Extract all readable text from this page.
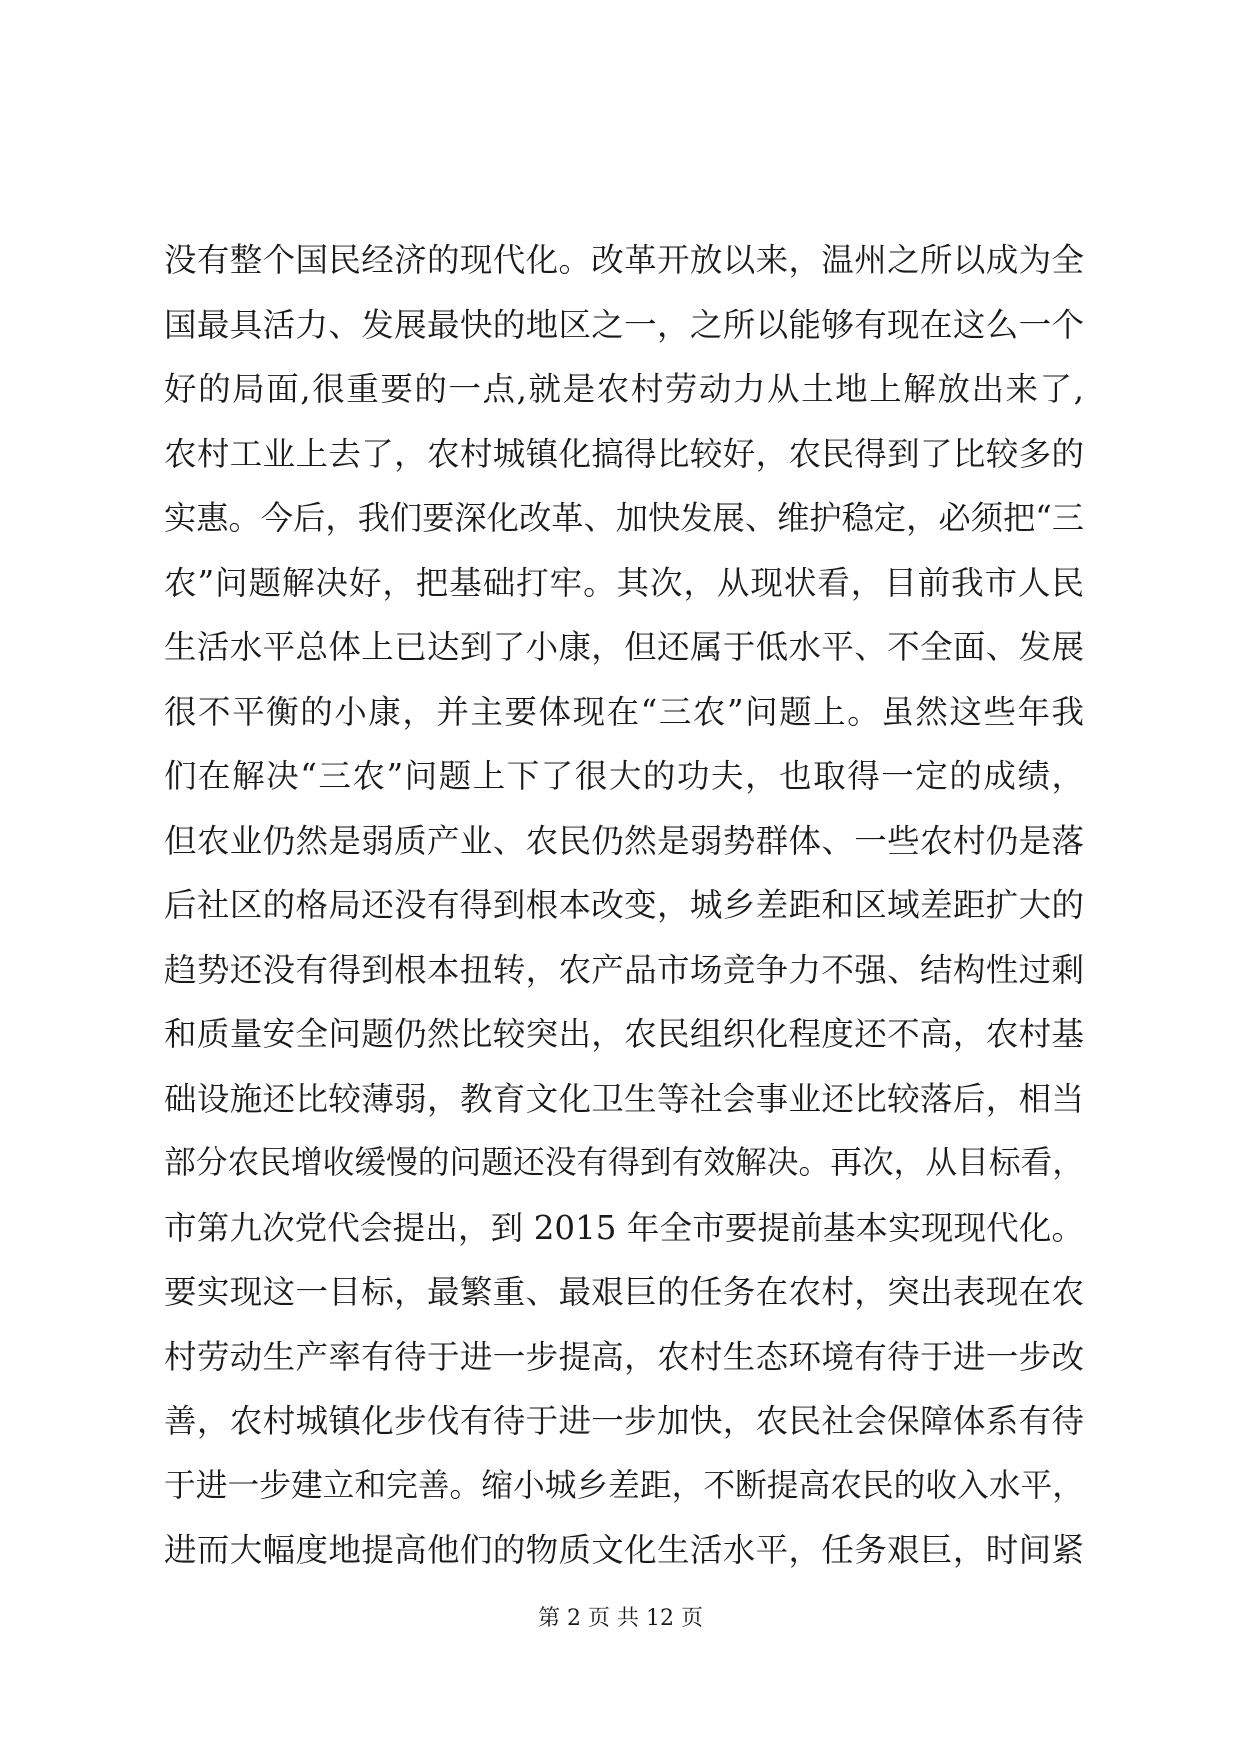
没有整个国民经济的现代化。改革开放以来，温州之所以成为全
国最具活力、发展最快的地区之一，之所以能够有现在这么一个
好的局面,很重要的一点,就是农村劳动力从土地上解放出来了,
农村工业上去了，农村城镇化搞得比较好，农民得到了比较多的
实惠。今后，我们要深化改革、加快发展、维护稳定，必须把“三
农”问题解决好，把基础打牢。其次，从现状看，目前我市人民
生活水平总体上已达到了小康，但还属于低水平、不全面、发展
很不平衡的小康，并主要体现在“三农”问题上。虽然这些年我
们在解决“三农”问题上下了很大的功夫，也取得一定的成绩，
但农业仍然是弱质产业、农民仍然是弱势群体、一些农村仍是落
后社区的格局还没有得到根本改变，城乡差距和区域差距扩大的
趋势还没有得到根本扭转，农产品市场竞争力不强、结构性过剩
和质量安全问题仍然比较突出，农民组织化程度还不高，农村基
础设施还比较薄弱，教育文化卫生等社会事业还比较落后，相当
部分农民增收缓慢的问题还没有得到有效解决。再次，从目标看，
市第九次党代会提出，到 2015 年全市要提前基本实现现代化。
要实现这一目标，最繁重、最艰巨的任务在农村，突出表现在农
村劳动生产率有待于进一步提高，农村生态环境有待于进一步改
善，农村城镇化步伐有待于进一步加快，农民社会保障体系有待
于进一步建立和完善。缩小城乡差距，不断提高农民的收入水平，
进而大幅度地提高他们的物质文化生活水平，任务艰巨，时间紧
第 2 页 共 12 页
